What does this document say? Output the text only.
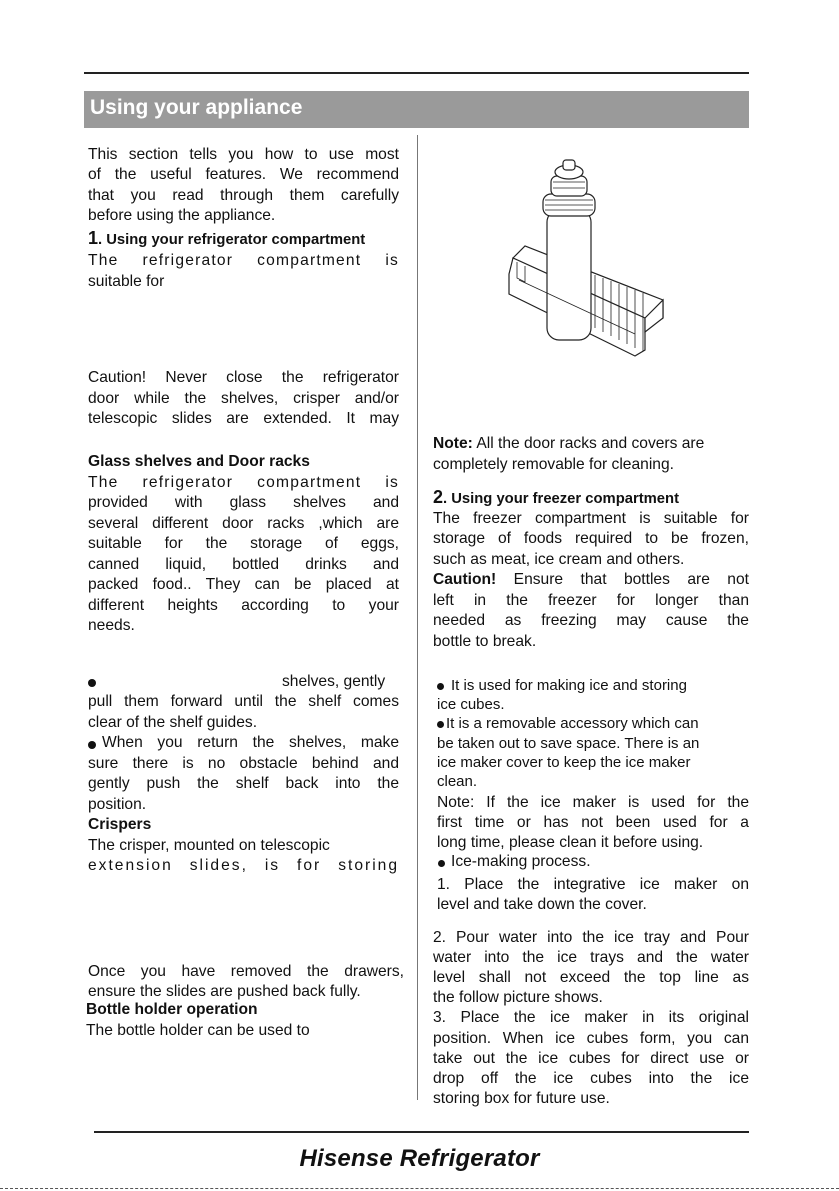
Using your appliance

This section tells you how to use most

of the useful features. We recommend

that you read through them carefully

before using the appliance.

1. Using your refrigerator compartment

The refrigerator compartment is

suitable for

Caution! Never close the refrigerator

door while the shelves, crisper and/or

telescopic slides are extended. It may

Glass shelves and Door racks

The refrigerator compartment is

provided with glass shelves and

several different door racks ,which are

suitable for the storage of eggs,

canned liquid, bottled drinks and

packed food.. They can be placed at

different heights according to your

needs.

shelves, gently

pull them forward until the shelf comes

clear of the shelf guides.

When you return the shelves, make

sure there is no obstacle behind and

gently push the shelf back into the

position.

Crispers

The crisper, mounted on telescopic

extension slides, is for storing

Once you have removed the drawers,

ensure the slides are pushed back fully.

Bottle holder operation

The bottle holder can be used to

Note: All the door racks and covers are

completely removable for cleaning.

2. Using your freezer compartment

The freezer compartment is suitable for

storage of foods required to be frozen,

such as meat, ice cream and others.

Caution! Ensure that bottles are not

left in the freezer for longer than

needed as freezing may cause the

bottle to break.

It is used for making ice and storing

ice cubes.

It is a removable accessory which can

be taken out to save space. There is an

ice maker cover to keep the ice maker

clean.

Note: If the ice maker is used for the

first time or has not been used for a

long time, please clean it before using.

Ice-making process.

1. Place the integrative ice maker on

level and take down the cover.

2. Pour water into the ice tray and Pour

water into the ice trays and the water

level shall not exceed the top line as

the follow picture shows.

3. Place the ice maker in its original

position. When ice cubes form, you can

take out the ice cubes for direct use or

drop off the ice cubes into the ice

storing box for future use.

Hisense Refrigerator
